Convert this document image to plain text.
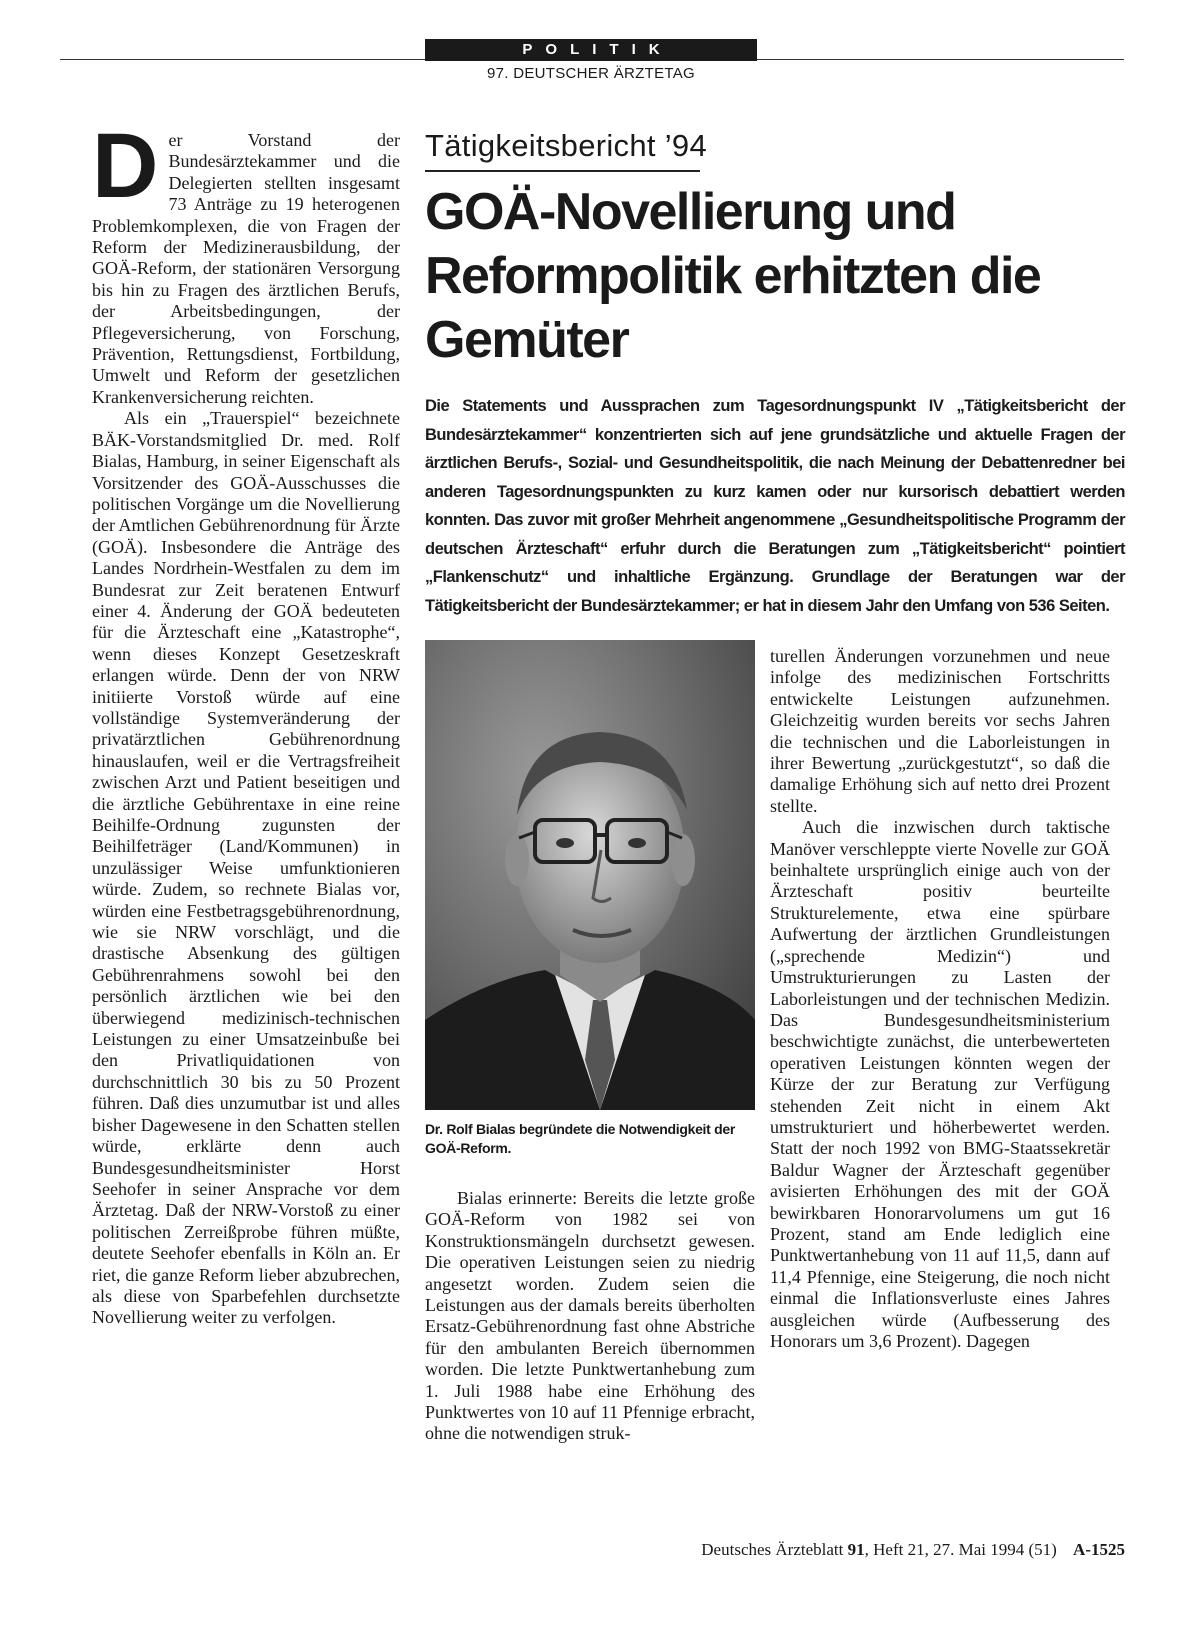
POLITIK
97. DEUTSCHER ÄRZTETAG

Der Vorstand der Bundesärztekammer und die Delegierten stellten insgesamt 73 Anträge zu 19 heterogenen Problemkomplexen, die von Fragen der Reform der Medizinerausbildung, der GOÄ-Reform, der stationären Versorgung bis hin zu Fragen des ärztlichen Berufs, der Arbeitsbedingungen, der Pflegeversicherung, von Forschung, Prävention, Rettungsdienst, Fortbildung, Umwelt und Reform der gesetzlichen Krankenversicherung reichten.

Als ein „Trauerspiel“ bezeichnete BÄK-Vorstandsmitglied Dr. med. Rolf Bialas, Hamburg, in seiner Eigenschaft als Vorsitzender des GOÄ-Ausschusses die politischen Vorgänge um die Novellierung der Amtlichen Gebührenordnung für Ärzte (GOÄ). Insbesondere die Anträge des Landes Nordrhein-Westfalen zu dem im Bundesrat zur Zeit beratenen Entwurf einer 4. Änderung der GOÄ bedeuteten für die Ärzteschaft eine „Katastrophe“, wenn dieses Konzept Gesetzeskraft erlangen würde. Denn der von NRW initiierte Vorstoß würde auf eine vollständige Systemveränderung der privatärztlichen Gebührenordnung hinauslaufen, weil er die Vertragsfreiheit zwischen Arzt und Patient beseitigen und die ärztliche Gebührentaxe in eine reine Beihilfe-Ordnung zugunsten der Beihilfeträger (Land/Kommunen) in unzulässiger Weise umfunktionieren würde. Zudem, so rechnete Bialas vor, würden eine Festbetragsgebührenordnung, wie sie NRW vorschlägt, und die drastische Absenkung des gültigen Gebührenrahmens sowohl bei den persönlich ärztlichen wie bei den überwiegend medizinisch-technischen Leistungen zu einer Umsatzeinbuße bei den Privatliquidationen von durchschnittlich 30 bis zu 50 Prozent führen. Daß dies unzumutbar ist und alles bisher Dagewesene in den Schatten stellen würde, erklärte denn auch Bundesgesundheitsminister Horst Seehofer in seiner Ansprache vor dem Ärztetag. Daß der NRW-Vorstoß zu einer politischen Zerreißprobe führen müßte, deutete Seehofer ebenfalls in Köln an. Er riet, die ganze Reform lieber abzubrechen, als diese von Sparbefehlen durchsetzte Novellierung weiter zu verfolgen.

Tätigkeitsbericht ’94
GOÄ-Novellierung und Reformpolitik erhitzten die Gemüter
Die Statements und Aussprachen zum Tagesordnungspunkt IV „Tätigkeitsbericht der Bundesärztekammer“ konzentrierten sich auf jene grundsätzliche und aktuelle Fragen der ärztlichen Berufs-, Sozial- und Gesundheitspolitik, die nach Meinung der Debattenredner bei anderen Tagesordnungspunkten zu kurz kamen oder nur kursorisch debattiert werden konnten. Das zuvor mit großer Mehrheit angenommene „Gesundheitspolitische Programm der deutschen Ärzteschaft“ erfuhr durch die Beratungen zum „Tätigkeitsbericht“ pointiert „Flankenschutz“ und inhaltliche Ergänzung. Grundlage der Beratungen war der Tätigkeitsbericht der Bundesärztekammer; er hat in diesem Jahr den Umfang von 536 Seiten.
Dr. Rolf Bialas begründete die Notwendigkeit der GOÄ-Reform.

Bialas erinnerte: Bereits die letzte große GOÄ-Reform von 1982 sei von Konstruktionsmängeln durchsetzt gewesen. Die operativen Leistungen seien zu niedrig angesetzt worden. Zudem seien die Leistungen aus der damals bereits überholten Ersatz-Gebührenordnung fast ohne Abstriche für den ambulanten Bereich übernommen worden. Die letzte Punktwertanhebung zum 1. Juli 1988 habe eine Erhöhung des Punktwertes von 10 auf 11 Pfennige erbracht, ohne die notwendigen struk-

turellen Änderungen vorzunehmen und neue infolge des medizinischen Fortschritts entwickelte Leistungen aufzunehmen. Gleichzeitig wurden bereits vor sechs Jahren die technischen und die Laborleistungen in ihrer Bewertung „zurückgestutzt“, so daß die damalige Erhöhung sich auf netto drei Prozent stellte.

Auch die inzwischen durch taktische Manöver verschleppte vierte Novelle zur GOÄ beinhaltete ursprünglich einige auch von der Ärzteschaft positiv beurteilte Strukturelemente, etwa eine spürbare Aufwertung der ärztlichen Grundleistungen („sprechende Medizin“) und Umstrukturierungen zu Lasten der Laborleistungen und der technischen Medizin. Das Bundesgesundheitsministerium beschwichtigte zunächst, die unterbewerteten operativen Leistungen könnten wegen der Kürze der zur Beratung zur Verfügung stehenden Zeit nicht in einem Akt umstrukturiert und höherbewertet werden. Statt der noch 1992 von BMG-Staatssekretär Baldur Wagner der Ärzteschaft gegenüber avisierten Erhöhungen des mit der GOÄ bewirkbaren Honorarvolumens um gut 16 Prozent, stand am Ende lediglich eine Punktwertanhebung von 11 auf 11,5, dann auf 11,4 Pfennige, eine Steigerung, die noch nicht einmal die Inflationsverluste eines Jahres ausgleichen würde (Aufbesserung des Honorars um 3,6 Prozent). Dagegen

Deutsches Ärzteblatt 91, Heft 21, 27. Mai 1994 (51) A-1525
